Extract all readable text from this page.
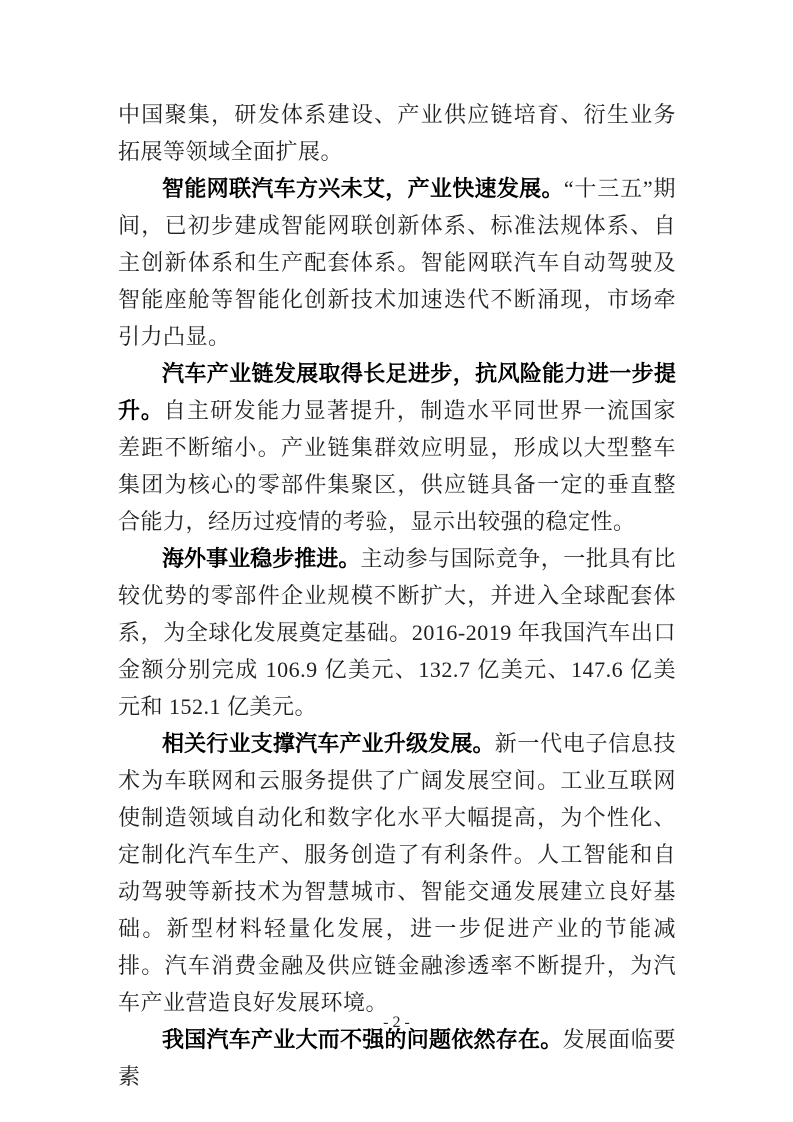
中国聚集，研发体系建设、产业供应链培育、衍生业务拓展等领域全面扩展。

智能网联汽车方兴未艾，产业快速发展。“十三五”期间，已初步建成智能网联创新体系、标准法规体系、自主创新体系和生产配套体系。智能网联汽车自动驾驶及智能座舱等智能化创新技术加速迭代不断涌现，市场牵引力凸显。

汽车产业链发展取得长足进步，抗风险能力进一步提升。自主研发能力显著提升，制造水平同世界一流国家差距不断缩小。产业链集群效应明显，形成以大型整车集团为核心的零部件集聚区，供应链具备一定的垂直整合能力，经历过疫情的考验，显示出较强的稳定性。

海外事业稳步推进。主动参与国际竞争，一批具有比较优势的零部件企业规模不断扩大，并进入全球配套体系，为全球化发展奠定基础。2016-2019 年我国汽车出口金额分别完成 106.9 亿美元、132.7 亿美元、147.6 亿美元和 152.1 亿美元。

相关行业支撑汽车产业升级发展。新一代电子信息技术为车联网和云服务提供了广阔发展空间。工业互联网使制造领域自动化和数字化水平大幅提高，为个性化、定制化汽车生产、服务创造了有利条件。人工智能和自动驾驶等新技术为智慧城市、智能交通发展建立良好基础。新型材料轻量化发展，进一步促进产业的节能减排。汽车消费金融及供应链金融渗透率不断提升，为汽车产业营造良好发展环境。

我国汽车产业大而不强的问题依然存在。发展面临要素

- 2 -
